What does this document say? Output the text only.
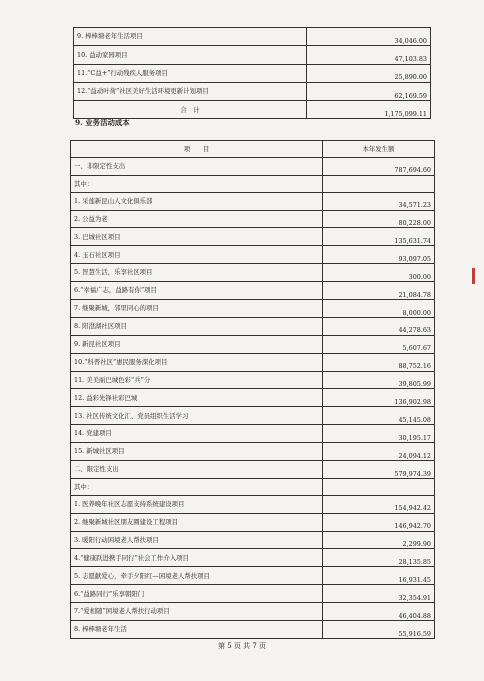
9. 棒棒塘老年生活项目	34,046.00
10. 益动家园项目	47,103.83
11.“C益+”行动残疾人服务项目	25,890.00
12.“益动叶荷”社区美好生活环境更新计划项目	62,169.59
合　计	1,175,099.11
9. 业务活动成本
项　　目	本年发生额
一、非限定性支出	787,694.60
其中：	
1. 采莲新昆山人文化俱乐部	34,571.23
2. 公益为老	80,228.00
3. 巴城社区项目	135,631.74
4. 玉石社区项目	93,097.05
5. 智慧生活，乐享社区项目	300.00
6.“幸福广志，益路有你”项目	21,084.78
7. 继聚新城，邻里同心的项目	8,000.00
8. 阳澄湖社区项目	44,278.63
9. 新昆社区项目	5,607.67
10.“科普社区”惠民服务深化项目	88,752.16
11. 美美丽巴城色彩“兵”分	39,805.99
12. 益彩先锋社彩巴城	136,902.98
13. 社区传统文化汇、党员组织生活学习	45,145.08
14. 党建项目	30,195.17
15. 新城社区项目	24,094.12
二、限定性支出	579,974.39
其中：	
1. 医养晚年社区志愿支持系统建设项目	154,942.42
2. 继聚新城社区朋友圈建设工程项目	146,942.70
3. 暖阳行动困境老人帮扶项目	2,299.90
4.“健康跃进携手同行”社会工作介入项目	28,135.85
5. 志愿献爱心，牵手夕阳红—困境老人帮扶项目	16,931.45
6.“益路同行”乐享朝阳门	32,354.91
7.“爱相随”困境老人帮扶行动项目	46,404.88
8. 棒棒塘老年生活	55,916.59
第 5 页 共 7 页
